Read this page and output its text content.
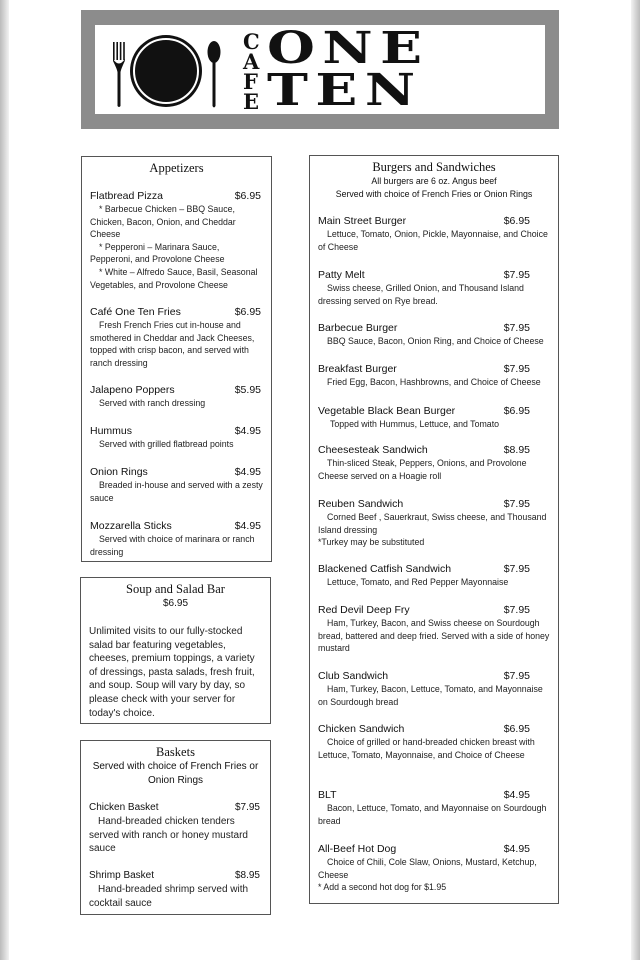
C
A
F
E
ONE
TEN
Appetizers
Flatbread Pizza	$6.95
* Barbecue Chicken – BBQ Sauce, Chicken, Bacon, Onion, and Cheddar Cheese
* Pepperoni – Marinara Sauce, Pepperoni, and Provolone Cheese
* White – Alfredo Sauce, Basil, Seasonal Vegetables, and Provolone Cheese
Café One Ten Fries	$6.95
Fresh French Fries cut in-house and smothered in Cheddar and Jack Cheeses, topped with crisp bacon, and served with ranch dressing
Jalapeno Poppers	$5.95
Served with ranch dressing
Hummus	$4.95
Served with grilled flatbread points
Onion Rings	$4.95
Breaded in-house and served with a zesty sauce
Mozzarella Sticks	$4.95
Served with choice of marinara or ranch dressing
Soup and Salad Bar
$6.95
Unlimited visits to our fully-stocked salad bar featuring vegetables, cheeses, premium toppings, a variety of dressings, pasta salads, fresh fruit, and soup. Soup will vary by day, so please check with your server for today's choice.
Baskets
Served with choice of French Fries or Onion Rings
Chicken Basket	$7.95
Hand-breaded chicken tenders served with ranch or honey mustard sauce
Shrimp Basket	$8.95
Hand-breaded shrimp served with cocktail sauce
Burgers and Sandwiches
All burgers are 6 oz. Angus beef
Served with choice of French Fries or Onion Rings
Main Street Burger	$6.95
Lettuce, Tomato, Onion, Pickle, Mayonnaise, and Choice of Cheese
Patty Melt	$7.95
Swiss cheese, Grilled Onion, and Thousand Island dressing served on Rye bread.
Barbecue Burger	$7.95
BBQ Sauce, Bacon, Onion Ring, and Choice of Cheese
Breakfast Burger	$7.95
Fried Egg, Bacon, Hashbrowns, and Choice of Cheese
Vegetable Black Bean Burger	$6.95
Topped with Hummus, Lettuce, and Tomato
Cheesesteak Sandwich	$8.95
Thin-sliced Steak, Peppers, Onions, and Provolone Cheese served on a Hoagie roll
Reuben Sandwich	$7.95
Corned Beef , Sauerkraut, Swiss cheese, and Thousand Island dressing
*Turkey may be substituted
Blackened Catfish Sandwich	$7.95
Lettuce, Tomato, and Red Pepper Mayonnaise
Red Devil Deep Fry	$7.95
Ham, Turkey, Bacon, and Swiss cheese on Sourdough bread, battered and deep fried. Served with a side of honey mustard
Club Sandwich	$7.95
Ham, Turkey, Bacon, Lettuce, Tomato, and Mayonnaise on Sourdough bread
Chicken Sandwich	$6.95
Choice of grilled or hand-breaded chicken breast with Lettuce, Tomato, Mayonnaise, and Choice of Cheese
BLT	$4.95
Bacon, Lettuce, Tomato, and Mayonnaise on Sourdough bread
All-Beef Hot Dog	$4.95
Choice of Chili, Cole Slaw, Onions, Mustard, Ketchup, Cheese
* Add a second hot dog for $1.95
